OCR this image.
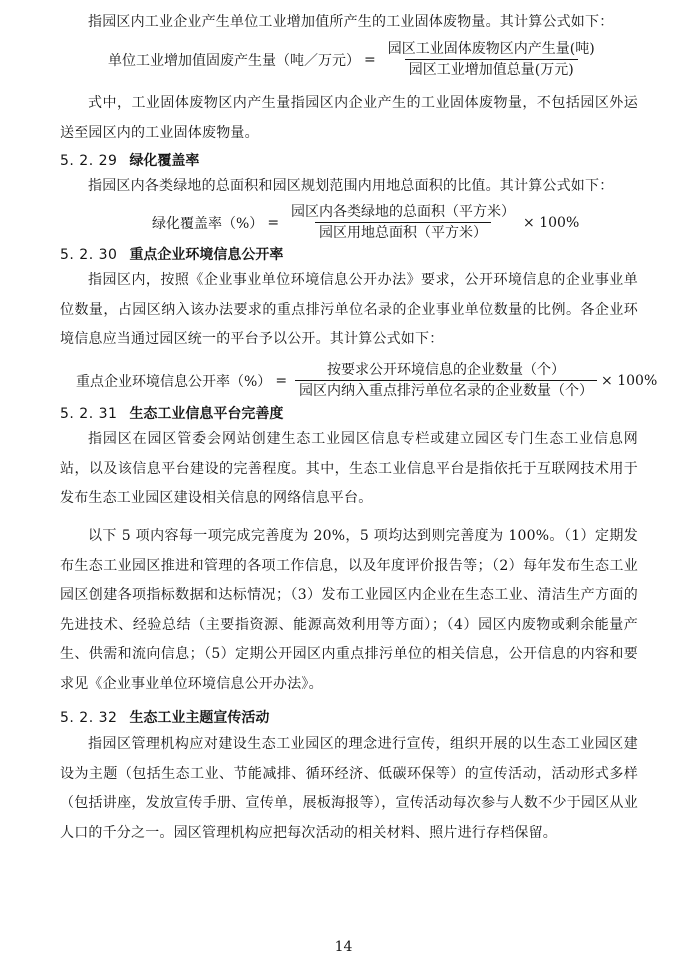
指园区内工业企业产生单位工业增加值所产生的工业固体废物量。其计算公式如下：

单位工业增加值固废产生量（吨／万元） = $\frac{\text{园区工业固体废物区内产生量(吨)}}{\text{园区工业增加值总量(万元)}}$

式中，工业固体废物区内产生量指园区内企业产生的工业固体废物量，不包括园区外运送至园区内的工业固体废物量。

5. 2. 29 绿化覆盖率

指园区内各类绿地的总面积和园区规划范围内用地总面积的比值。其计算公式如下：

绿化覆盖率（%） = $\frac{\text{园区内各类绿地的总面积（平方米）}}{\text{园区用地总面积（平方米）}} \times 100\%$
5. 2. 30 重点企业环境信息公开率

指园区内，按照《企业事业单位环境信息公开办法》要求，公开环境信息的企业事业单位数量，占园区纳入该办法要求的重点排污单位名录的企业事业单位数量的比例。各企业环境信息应当通过园区统一的平台予以公开。其计算公式如下：

重点企业环境信息公开率（%） = $\frac{\text{按要求公开环境信息的企业数量（个）}}{\text{园区内纳入重点排污单位名录的企业数量（个）}} \times 100\%$
5. 2. 31 生态工业信息平台完善度

指园区在园区管委会网站创建生态工业园区信息专栏或建立园区专门生态工业信息网站，以及该信息平台建设的完善程度。其中，生态工业信息平台是指依托于互联网技术用于发布生态工业园区建设相关信息的网络信息平台。

以下 5 项内容每一项完成完善度为 20%，5 项均达到则完善度为 100%。（1）定期发布生态工业园区推进和管理的各项工作信息，以及年度评价报告等；（2）每年发布生态工业园区创建各项指标数据和达标情况；（3）发布工业园区内企业在生态工业、清洁生产方面的先进技术、经验总结（主要指资源、能源高效利用等方面）；（4）园区内废物或剩余能量产生、供需和流向信息；（5）定期公开园区内重点排污单位的相关信息，公开信息的内容和要求见《企业事业单位环境信息公开办法》。

5. 2. 32 生态工业主题宣传活动

指园区管理机构应对建设生态工业园区的理念进行宣传，组织开展的以生态工业园区建设为主题（包括生态工业、节能减排、循环经济、低碳环保等）的宣传活动，活动形式多样（包括讲座，发放宣传手册、宣传单，展板海报等），宣传活动每次参与人数不少于园区从业人口的千分之一。园区管理机构应把每次活动的相关材料、照片进行存档保留。

14
